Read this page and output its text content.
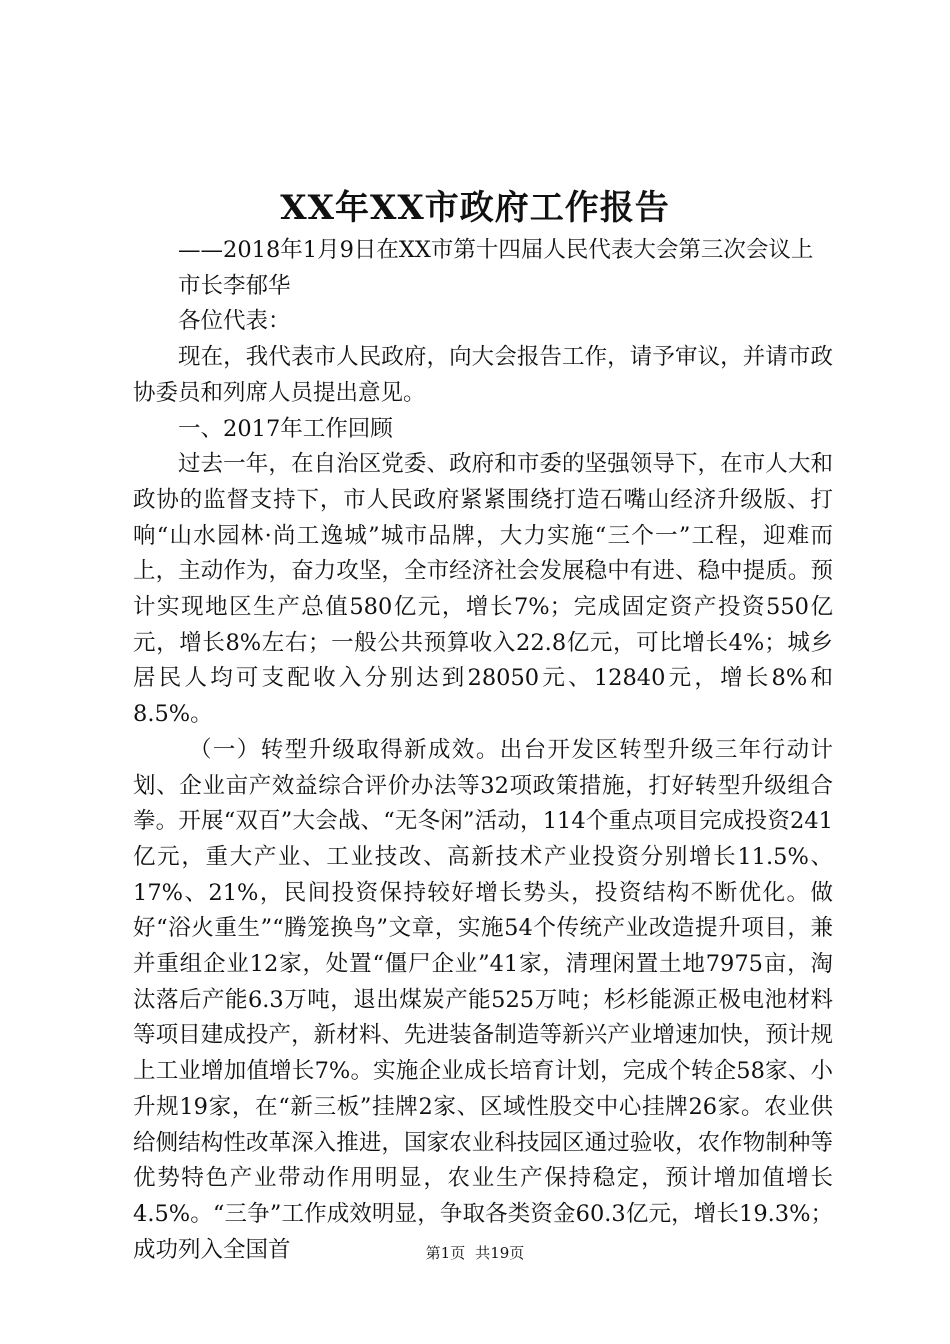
XX年XX市政府工作报告

——2018年1月9日在XX市第十四届人民代表大会第三次会议上

市长李郁华

各位代表：

现在，我代表市人民政府，向大会报告工作，请予审议，并请市政协委员和列席人员提出意见。

一、2017年工作回顾

过去一年，在自治区党委、政府和市委的坚强领导下，在市人大和政协的监督支持下，市人民政府紧紧围绕打造石嘴山经济升级版、打响“山水园林·尚工逸城”城市品牌，大力实施“三个一”工程，迎难而上，主动作为，奋力攻坚，全市经济社会发展稳中有进、稳中提质。预计实现地区生产总值580亿元，增长7%；完成固定资产投资550亿元，增长8%左右；一般公共预算收入22.8亿元，可比增长4%；城乡居民人均可支配收入分别达到28050元、12840元，增长8%和8.5%。

（一）转型升级取得新成效。出台开发区转型升级三年行动计划、企业亩产效益综合评价办法等32项政策措施，打好转型升级组合拳。开展“双百”大会战、“无冬闲”活动，114个重点项目完成投资241亿元，重大产业、工业技改、高新技术产业投资分别增长11.5%、17%、21%，民间投资保持较好增长势头，投资结构不断优化。做好“浴火重生”“腾笼换鸟”文章，实施54个传统产业改造提升项目，兼并重组企业12家，处置“僵尸企业”41家，清理闲置土地7975亩，淘汰落后产能6.3万吨，退出煤炭产能525万吨；杉杉能源正极电池材料等项目建成投产，新材料、先进装备制造等新兴产业增速加快，预计规上工业增加值增长7%。实施企业成长培育计划，完成个转企58家、小升规19家，在“新三板”挂牌2家、区域性股交中心挂牌26家。农业供给侧结构性改革深入推进，国家农业科技园区通过验收，农作物制种等优势特色产业带动作用明显，农业生产保持稳定，预计增加值增长4.5%。“三争”工作成效明显，争取各类资金60.3亿元，增长19.3%；成功列入全国首	第1页 共19页
